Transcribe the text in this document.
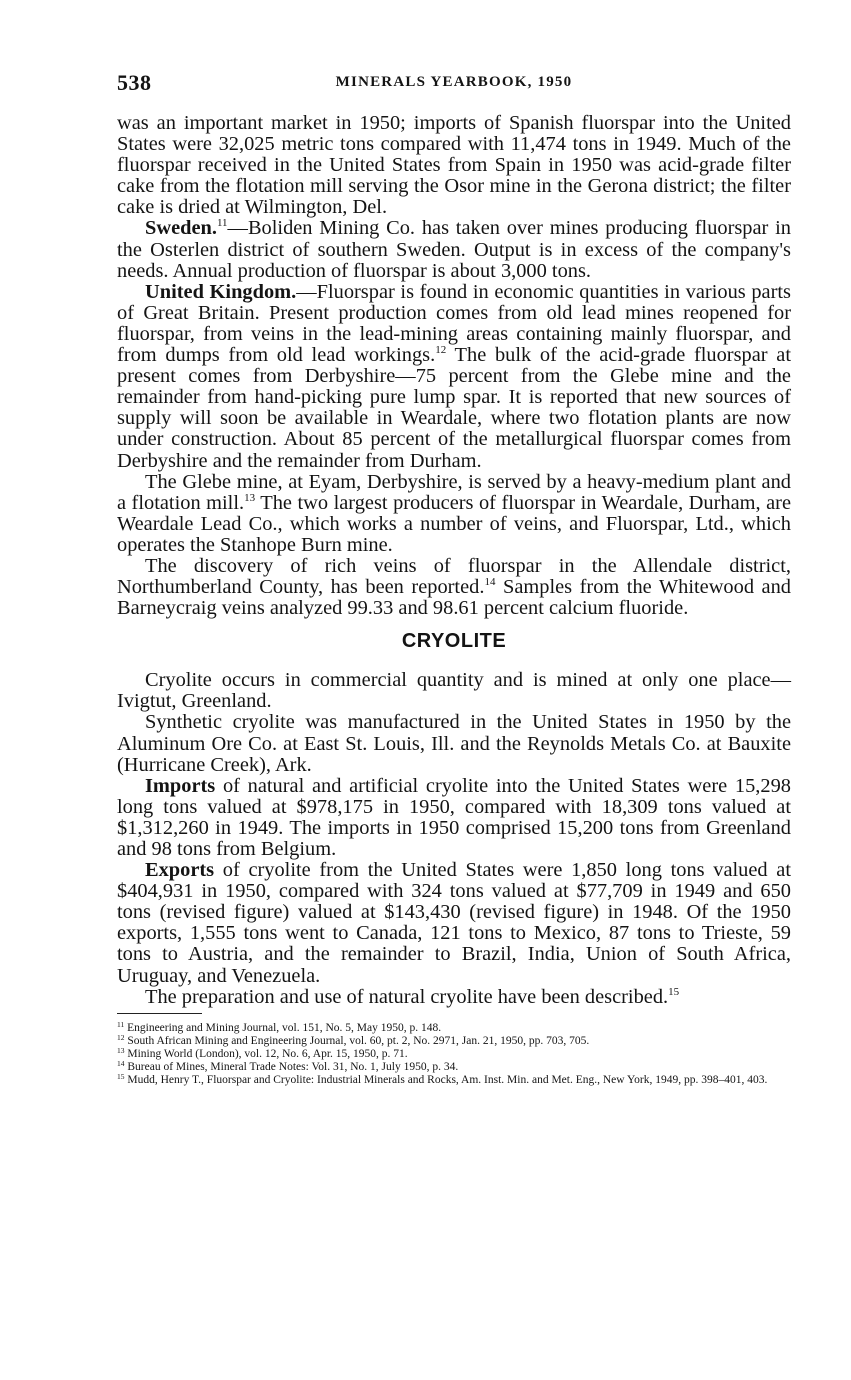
538	MINERALS YEARBOOK, 1950

was an important market in 1950; imports of Spanish fluorspar into the United States were 32,025 metric tons compared with 11,474 tons in 1949. Much of the fluorspar received in the United States from Spain in 1950 was acid-grade filter cake from the flotation mill serving the Osor mine in the Gerona district; the filter cake is dried at Wilmington, Del.

Sweden.$^{11}$—Boliden Mining Co. has taken over mines producing fluorspar in the Osterlen district of southern Sweden. Output is in excess of the company's needs. Annual production of fluorspar is about 3,000 tons.

United Kingdom.—Fluorspar is found in economic quantities in various parts of Great Britain. Present production comes from old lead mines reopened for fluorspar, from veins in the lead-mining areas containing mainly fluorspar, and from dumps from old lead workings.$^{12}$ The bulk of the acid-grade fluorspar at present comes from Derbyshire—75 percent from the Glebe mine and the remainder from hand-picking pure lump spar. It is reported that new sources of supply will soon be available in Weardale, where two flotation plants are now under construction. About 85 percent of the metallurgical fluorspar comes from Derbyshire and the remainder from Durham.

The Glebe mine, at Eyam, Derbyshire, is served by a heavy-medium plant and a flotation mill.$^{13}$ The two largest producers of fluorspar in Weardale, Durham, are Weardale Lead Co., which works a number of veins, and Fluorspar, Ltd., which operates the Stanhope Burn mine.

The discovery of rich veins of fluorspar in the Allendale district, Northumberland County, has been reported.$^{14}$ Samples from the Whitewood and Barneycraig veins analyzed 99.33 and 98.61 percent calcium fluoride.

CRYOLITE

Cryolite occurs in commercial quantity and is mined at only one place—Ivigtut, Greenland.

Synthetic cryolite was manufactured in the United States in 1950 by the Aluminum Ore Co. at East St. Louis, Ill. and the Reynolds Metals Co. at Bauxite (Hurricane Creek), Ark.

Imports of natural and artificial cryolite into the United States were 15,298 long tons valued at $978,175 in 1950, compared with 18,309 tons valued at $1,312,260 in 1949. The imports in 1950 comprised 15,200 tons from Greenland and 98 tons from Belgium.

Exports of cryolite from the United States were 1,850 long tons valued at $404,931 in 1950, compared with 324 tons valued at $77,709 in 1949 and 650 tons (revised figure) valued at $143,430 (revised figure) in 1948. Of the 1950 exports, 1,555 tons went to Canada, 121 tons to Mexico, 87 tons to Trieste, 59 tons to Austria, and the remainder to Brazil, India, Union of South Africa, Uruguay, and Venezuela.

The preparation and use of natural cryolite have been described.$^{15}$

$^{11}$ Engineering and Mining Journal, vol. 151, No. 5, May 1950, p. 148.
$^{12}$ South African Mining and Engineering Journal, vol. 60, pt. 2, No. 2971, Jan. 21, 1950, pp. 703, 705.
$^{13}$ Mining World (London), vol. 12, No. 6, Apr. 15, 1950, p. 71.
$^{14}$ Bureau of Mines, Mineral Trade Notes: Vol. 31, No. 1, July 1950, p. 34.
$^{15}$ Mudd, Henry T., Fluorspar and Cryolite: Industrial Minerals and Rocks, Am. Inst. Min. and Met. Eng., New York, 1949, pp. 398–401, 403.
